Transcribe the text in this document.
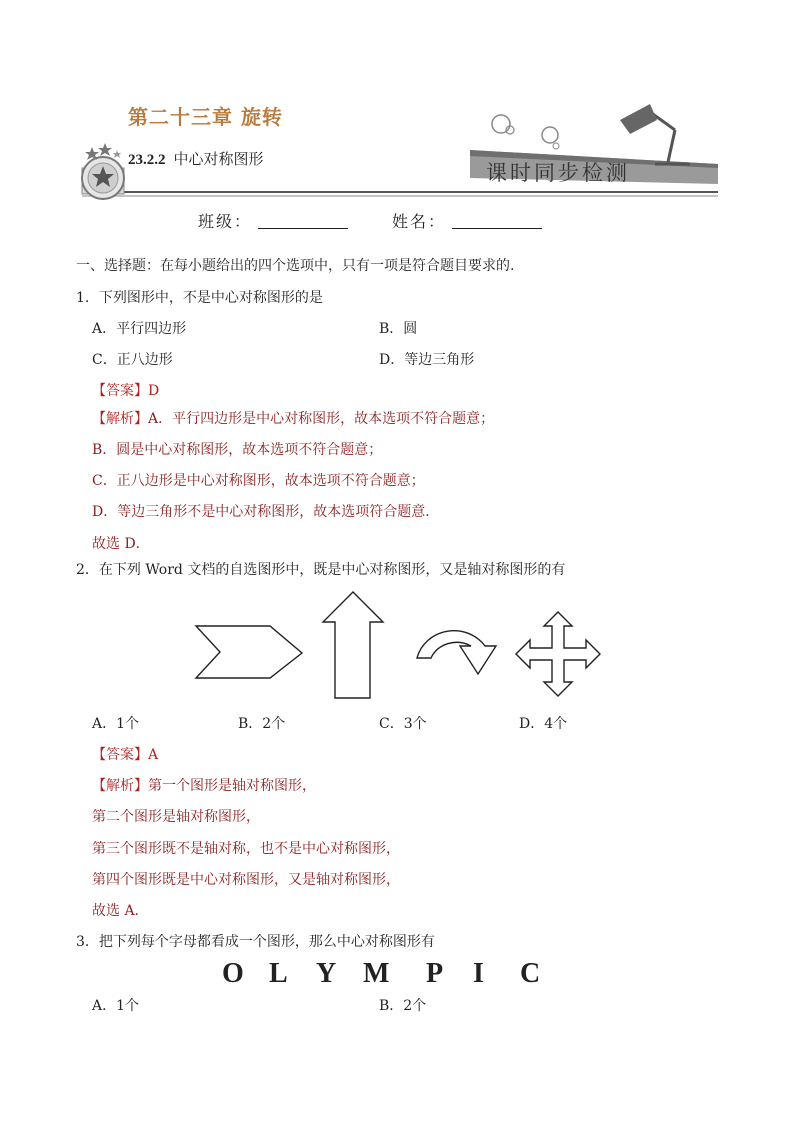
第二十三章 旋转
23.2.2 中心对称图形
课时同步检测
班级：	姓名：
一、选择题：在每小题给出的四个选项中，只有一项是符合题目要求的.
1．下列图形中，不是中心对称图形的是
A．平行四边形	B．圆
C．正八边形	D．等边三角形
【答案】D
【解析】A．平行四边形是中心对称图形，故本选项不符合题意；
B．圆是中心对称图形，故本选项不符合题意；
C．正八边形是中心对称图形，故本选项不符合题意；
D．等边三角形不是中心对称图形，故本选项符合题意．
故选 D．
2．在下列 Word 文档的自选图形中，既是中心对称图形，又是轴对称图形的有
A．1个	B．2个	C．3个	D．4个
【答案】A
【解析】第一个图形是轴对称图形，
第二个图形是轴对称图形，
第三个图形既不是轴对称，也不是中心对称图形，
第四个图形既是中心对称图形，又是轴对称图形，
故选 A．
3．把下列每个字母都看成一个图形，那么中心对称图形有
O L Y M P I C
A．1个	B．2个
